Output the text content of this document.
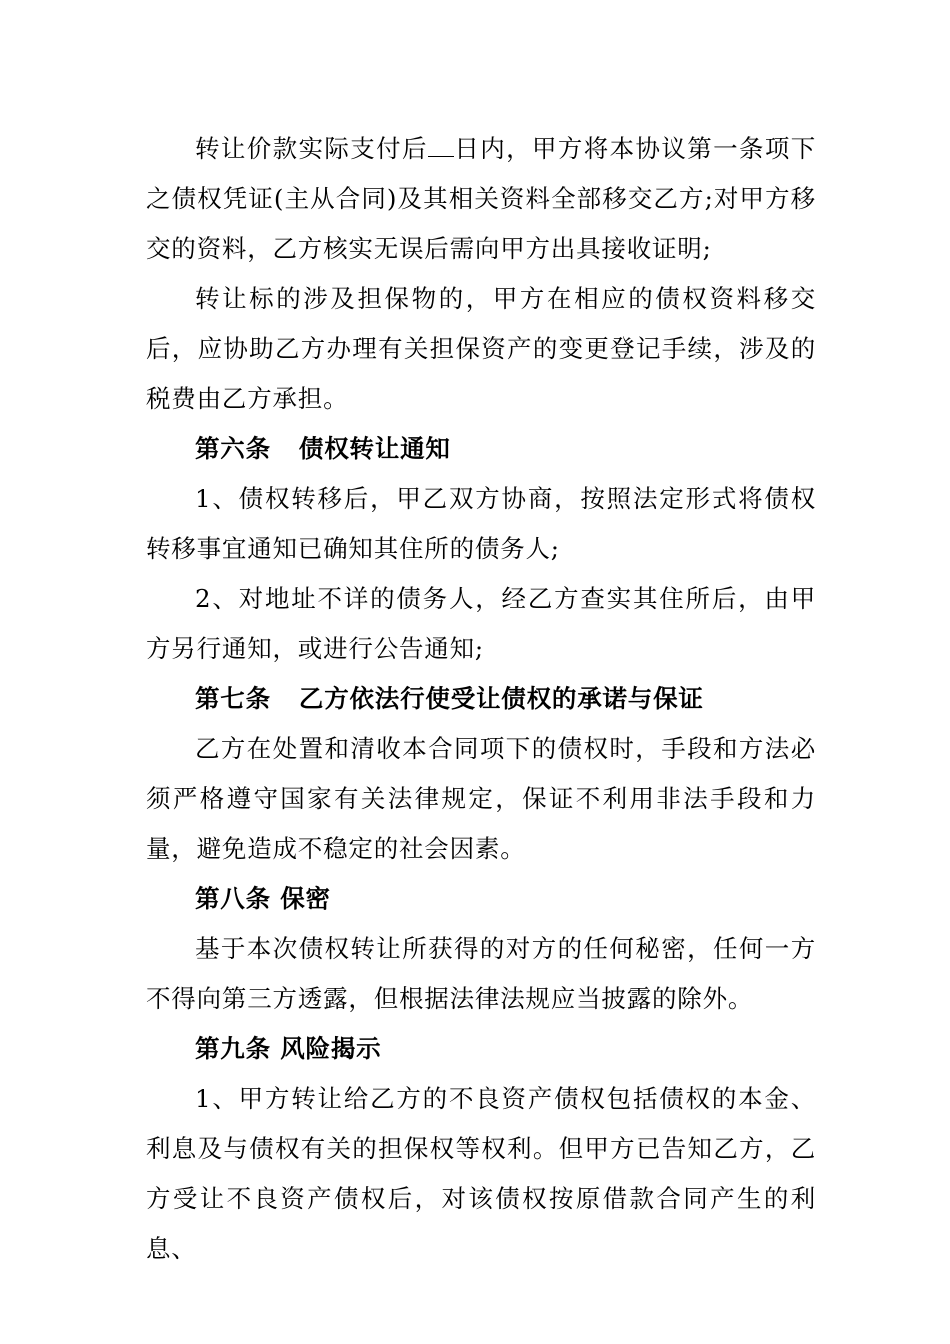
转让价款实际支付后 日内，甲方将本协议第一条项下之债权凭证(主从合同)及其相关资料全部移交乙方;对甲方移交的资料，乙方核实无误后需向甲方出具接收证明;

转让标的涉及担保物的，甲方在相应的债权资料移交后，应协助乙方办理有关担保资产的变更登记手续，涉及的税费由乙方承担。

第六条 债权转让通知

1、债权转移后，甲乙双方协商，按照法定形式将债权转移事宜通知已确知其住所的债务人;

2、对地址不详的债务人，经乙方查实其住所后，由甲方另行通知，或进行公告通知;

第七条 乙方依法行使受让债权的承诺与保证

乙方在处置和清收本合同项下的债权时，手段和方法必须严格遵守国家有关法律规定，保证不利用非法手段和力量，避免造成不稳定的社会因素。

第八条 保密

基于本次债权转让所获得的对方的任何秘密，任何一方不得向第三方透露，但根据法律法规应当披露的除外。

第九条 风险揭示

1、甲方转让给乙方的不良资产债权包括债权的本金、利息及与债权有关的担保权等权利。但甲方已告知乙方，乙方受让不良资产债权后，对该债权按原借款合同产生的利息、
